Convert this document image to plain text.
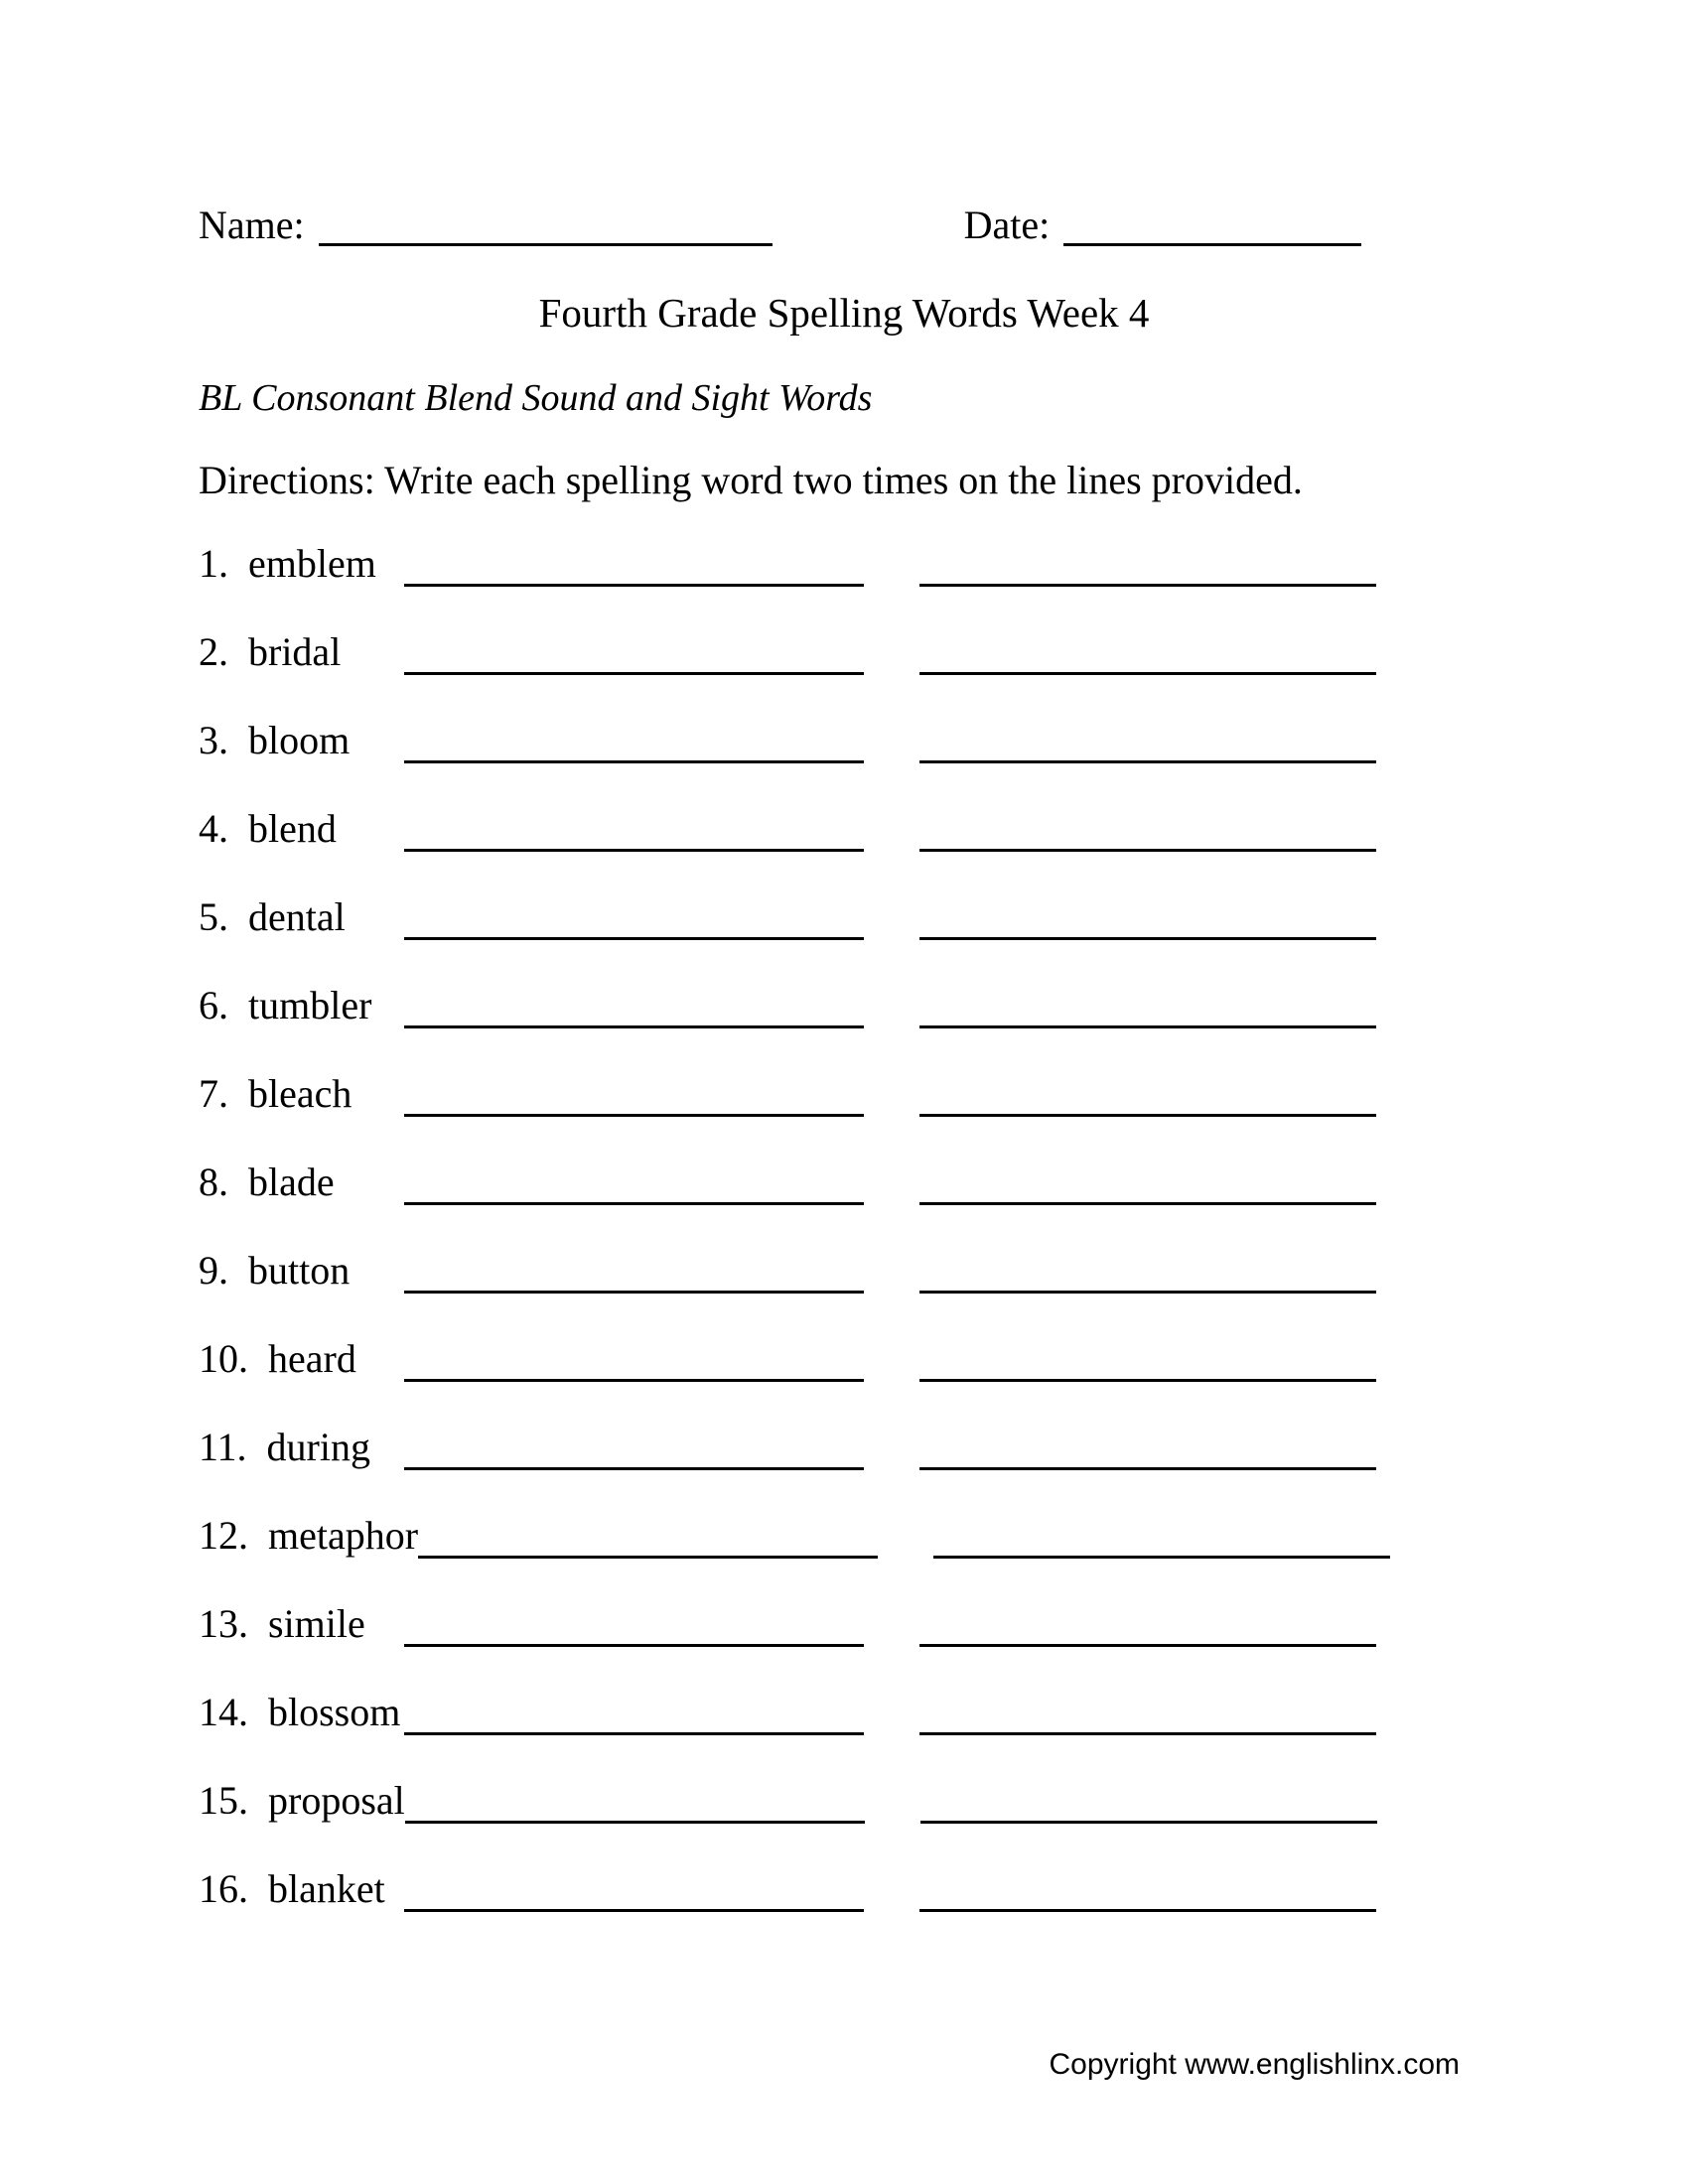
Name:	Date:
Fourth Grade Spelling Words Week 4
BL Consonant Blend Sound and Sight Words
Directions: Write each spelling word two times on the lines provided.
1. emblem
2. bridal
3. bloom
4. blend
5. dental
6. tumbler
7. bleach
8. blade
9. button
10. heard
11. during
12. metaphor
13. simile
14. blossom
15. proposal
16. blanket
Copyright www.englishlinx.com
